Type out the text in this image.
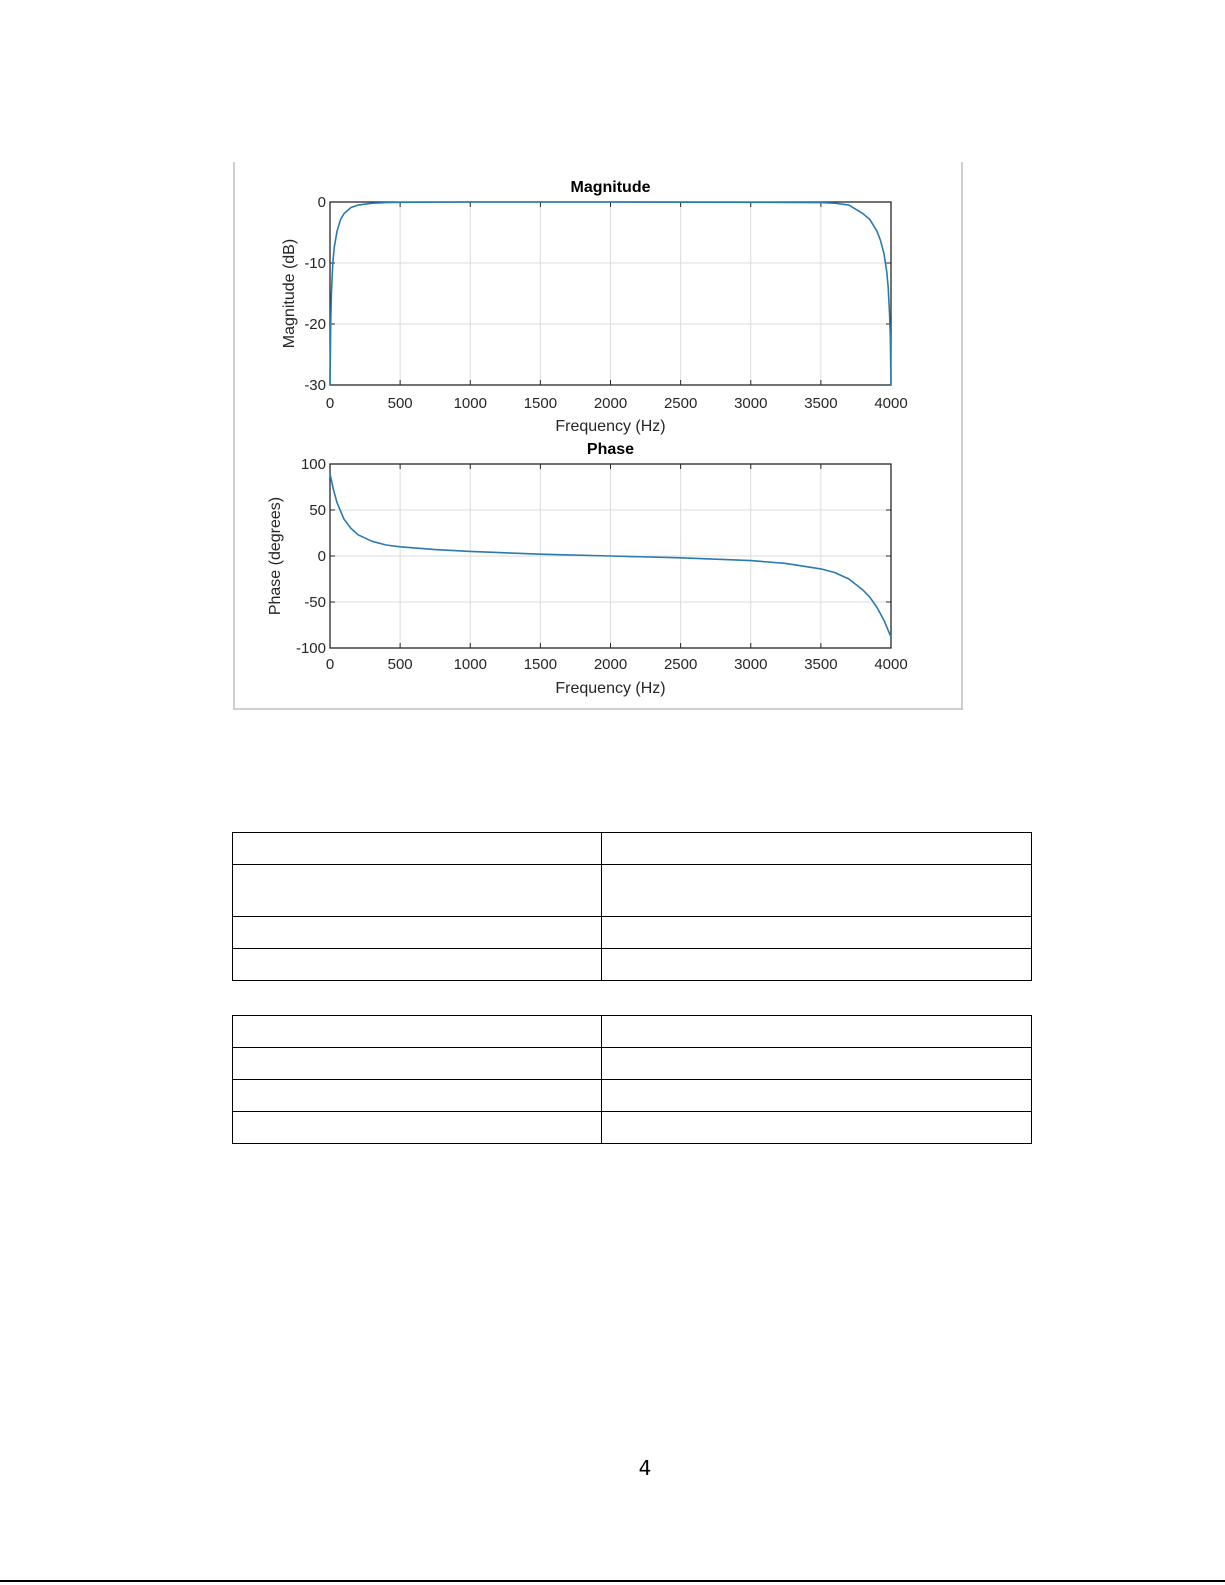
0	500	1000 1500 2000 2500 3000 3500 4000
0
-10
-20
-30
Magnitude
Frequency (Hz)
Magnitude (dB)
0	500	1000 1500 2000 2500 3000 3500 4000
100
50
0
-50
-100
Phase
Frequency (Hz)
Phase (degrees)

4
